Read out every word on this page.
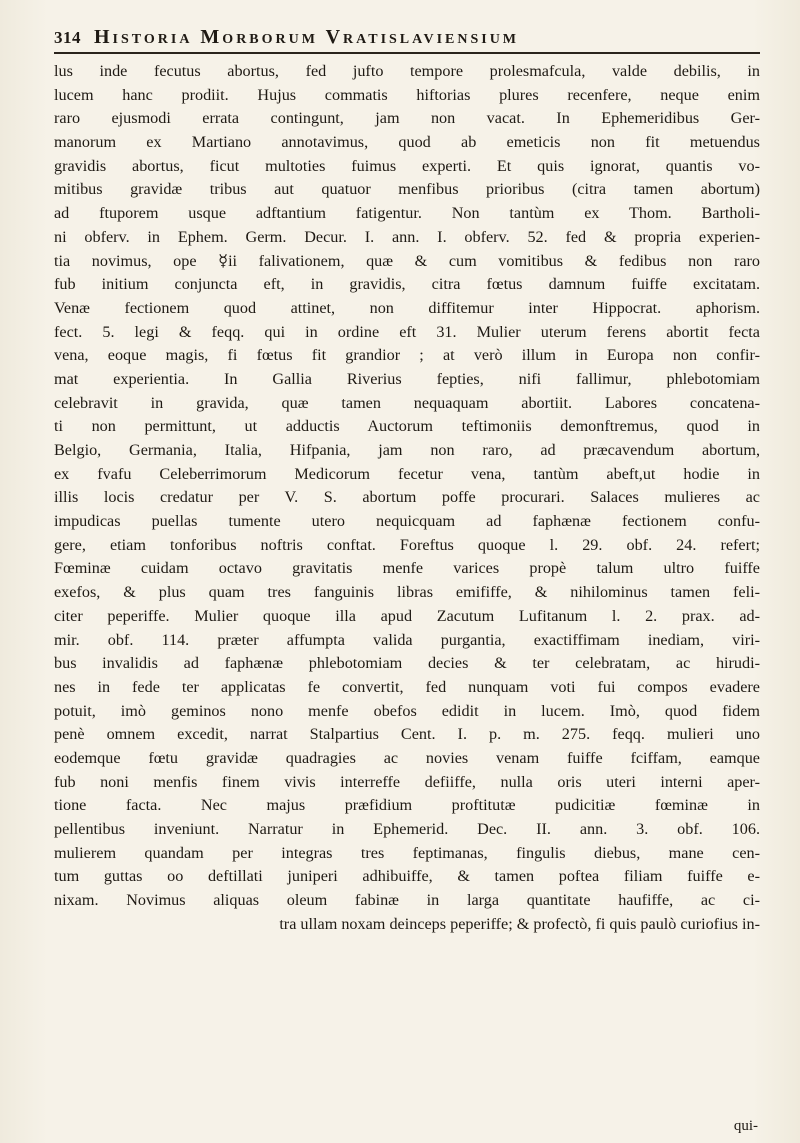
314 Historia Morborum Vratislaviensium
lus inde fecutus abortus, fed jufto tempore prolesmafcula, valde debilis, in
lucem hanc prodiit. Hujus commatis hiftorias plures recenfere, neque enim
raro ejusmodi errata contingunt, jam non vacat. In Ephemeridibus Ger-
manorum ex Martiano annotavimus, quod ab emeticis non fit metuendus
gravidis abortus, ficut multoties fuimus experti. Et quis ignorat, quantis vo-
mitibus gravidæ tribus aut quatuor menfibus prioribus (citra tamen abortum)
ad ftuporem usque adftantium fatigentur. Non tantùm ex Thom. Bartholi-
ni obferv. in Ephem. Germ. Decur. I. ann. I. obferv. 52. fed & propria experien-
tia novimus, ope ☿ii falivationem, quæ & cum vomitibus & fedibus non raro
fub initium conjuncta eft, in gravidis, citra fœtus damnum fuiffe excitatam.
Venæ fectionem quod attinet, non diffitemur inter Hippocrat. aphorism.
fect. 5. legi & feqq. qui in ordine eft 31. Mulier uterum ferens abortit fecta
vena, eoque magis, fi fœtus fit grandior ; at verò illum in Europa non confir-
mat experientia. In Gallia Riverius fepties, nifi fallimur, phlebotomiam
celebravit in gravida, quæ tamen nequaquam abortiit. Labores concatena-
ti non permittunt, ut adductis Auctorum teftimoniis demonftremus, quod in
Belgio, Germania, Italia, Hifpania, jam non raro, ad præcavendum abortum,
ex fvafu Celeberrimorum Medicorum fecetur vena, tantùm abeft,ut hodie in
illis locis credatur per V. S. abortum poffe procurari. Salaces mulieres ac
impudicas puellas tumente utero nequicquam ad faphænæ fectionem confu-
gere, etiam tonforibus noftris conftat. Foreftus quoque l. 29. obf. 24. refert;
Fœminæ cuidam octavo gravitatis menfe varices propè talum ultro fuiffe
exefos, & plus quam tres fanguinis libras emififfe, & nihilominus tamen feli-
citer peperiffe. Mulier quoque illa apud Zacutum Lufitanum l. 2. prax. ad-
mir. obf. 114. præter affumpta valida purgantia, exactiffimam inediam, viri-
bus invalidis ad faphænæ phlebotomiam decies & ter celebratam, ac hirudi-
nes in fede ter applicatas fe convertit, fed nunquam voti fui compos evadere
potuit, imò geminos nono menfe obefos edidit in lucem. Imò, quod fidem
penè omnem excedit, narrat Stalpartius Cent. I. p. m. 275. feqq. mulieri uno
eodemque fœtu gravidæ quadragies ac novies venam fuiffe fciffam, eamque
fub noni menfis finem vivis interreffe defiiffe, nulla oris uteri interni aper-
tione facta. Nec majus præfidium proftitutæ pudicitiæ fœminæ in
pellentibus inveniunt. Narratur in Ephemerid. Dec. II. ann. 3. obf. 106.
mulierem quandam per integras tres feptimanas, fingulis diebus, mane cen-
tum guttas oo deftillati juniperi adhibuiffe, & tamen poftea filiam fuiffe e-
nixam. Novimus aliquas oleum fabinæ in larga quantitate haufiffe, ac ci-
tra ullam noxam deinceps peperiffe; & profectò, fi quis paulò curiofius in-
qui-
